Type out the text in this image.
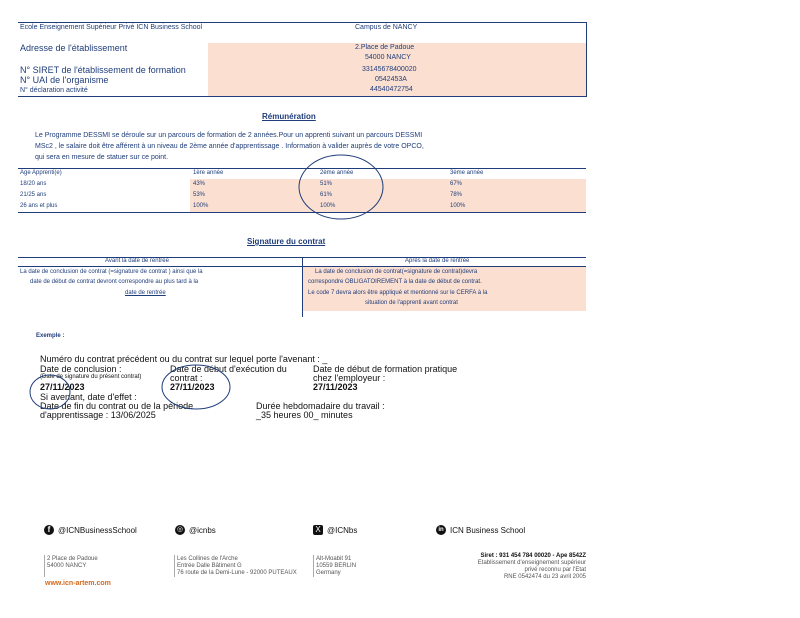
Ecole Enseignement Supérieur Privé ICN Business School	Campus de NANCY
Adresse de l'établissement	2.Place de Padoue
54000 NANCY
N° SIRET de l'établissement de formation	33145678400020
N° UAI de l'organisme	0542453A
N° déclaration activité	44540472754
Rémunération
Le Programme DESSMI se déroule sur un parcours de formation de 2 années.Pour un apprenti suivant un parcours DESSMI
MSc2 , le salaire doit être afférent à un niveau de 2ème année d'apprentissage . Information à valider auprès de votre OPCO,
qui sera en mesure de statuer sur ce point.
Age Apprenti(e)	1ère année	2ème année	3ème année
18/20 ans	43%	51%	67%
21/25 ans	53%	61%	78%
26 ans et plus	100%	100%	100%
Signature du contrat
Avant la date de rentrée	Après la date de rentrée
La date de conclusion de contrat (=signature de contrat ) ainsi que la
date de début de contrat devront correspondre au plus tard à la
date de rentrée
La date de conclusion de contrat(=signature de contrat)devra
correspondre OBLIGATOIREMENT à la date de début de contrat.
Le code 7 devra alors être appliqué et mentionné sur le CERFA à la
situation de l'apprenti avant contrat
Exemple :
Numéro du contrat précédent ou du contrat sur lequel porte l'avenant : _
Date de conclusion :
(Date de signature du présent contrat)
27/11/2023
Date de début d'exécution du
contrat :
27/11/2023
Date de début de formation pratique
chez l'employeur :
27/11/2023
Si avenant, date d'effet :
Date de fin du contrat ou de la période
d'apprentissage : 13/06/2025
Durée hebdomadaire du travail :
_35 heures 00_ minutes
f @ICNBusinessSchool	◎ @icnbs	X @ICNbs	in ICN Business School
2 Place de Padoue
54000 NANCY
Les Collines de l'Arche
Entrée Dalle Bâtiment G
76 route de la Demi-Lune - 92000 PUTEAUX
Alt-Moabit 91
10559 BERLIN
Germany
Siret : 931 454 784 00020 - Ape 8542Z
Etablissement d'enseignement supérieur
privé reconnu par l'Etat
RNE 0542474 du 23 avril 2005
www.icn-artem.com
